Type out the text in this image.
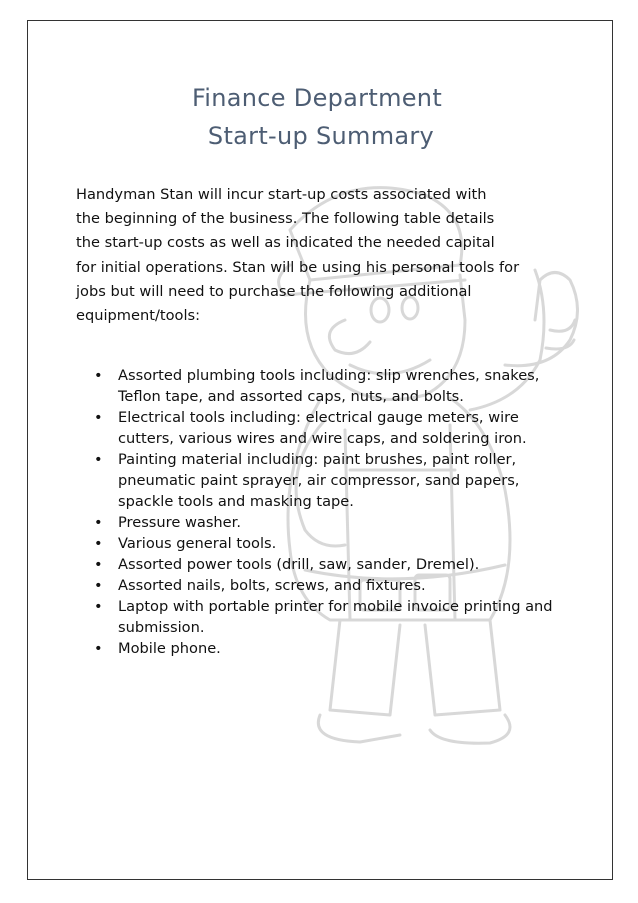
Finance Department
Start-up Summary

Handyman Stan will incur start-up costs associated with
the beginning of the business. The following table details
the start-up costs as well as indicated the needed capital
for initial operations. Stan will be using his personal tools for
jobs but will need to purchase the following additional
equipment/tools:

• Assorted plumbing tools including: slip wrenches, snakes, Teflon tape, and assorted caps, nuts, and bolts.
• Electrical tools including: electrical gauge meters, wire cutters, various wires and wire caps, and soldering iron.
• Painting material including: paint brushes, paint roller, pneumatic paint sprayer, air compressor, sand papers, spackle tools and masking tape.
• Pressure washer.
• Various general tools.
• Assorted power tools (drill, saw, sander, Dremel).
• Assorted nails, bolts, screws, and fixtures.
• Laptop with portable printer for mobile invoice printing and submission.
• Mobile phone.
